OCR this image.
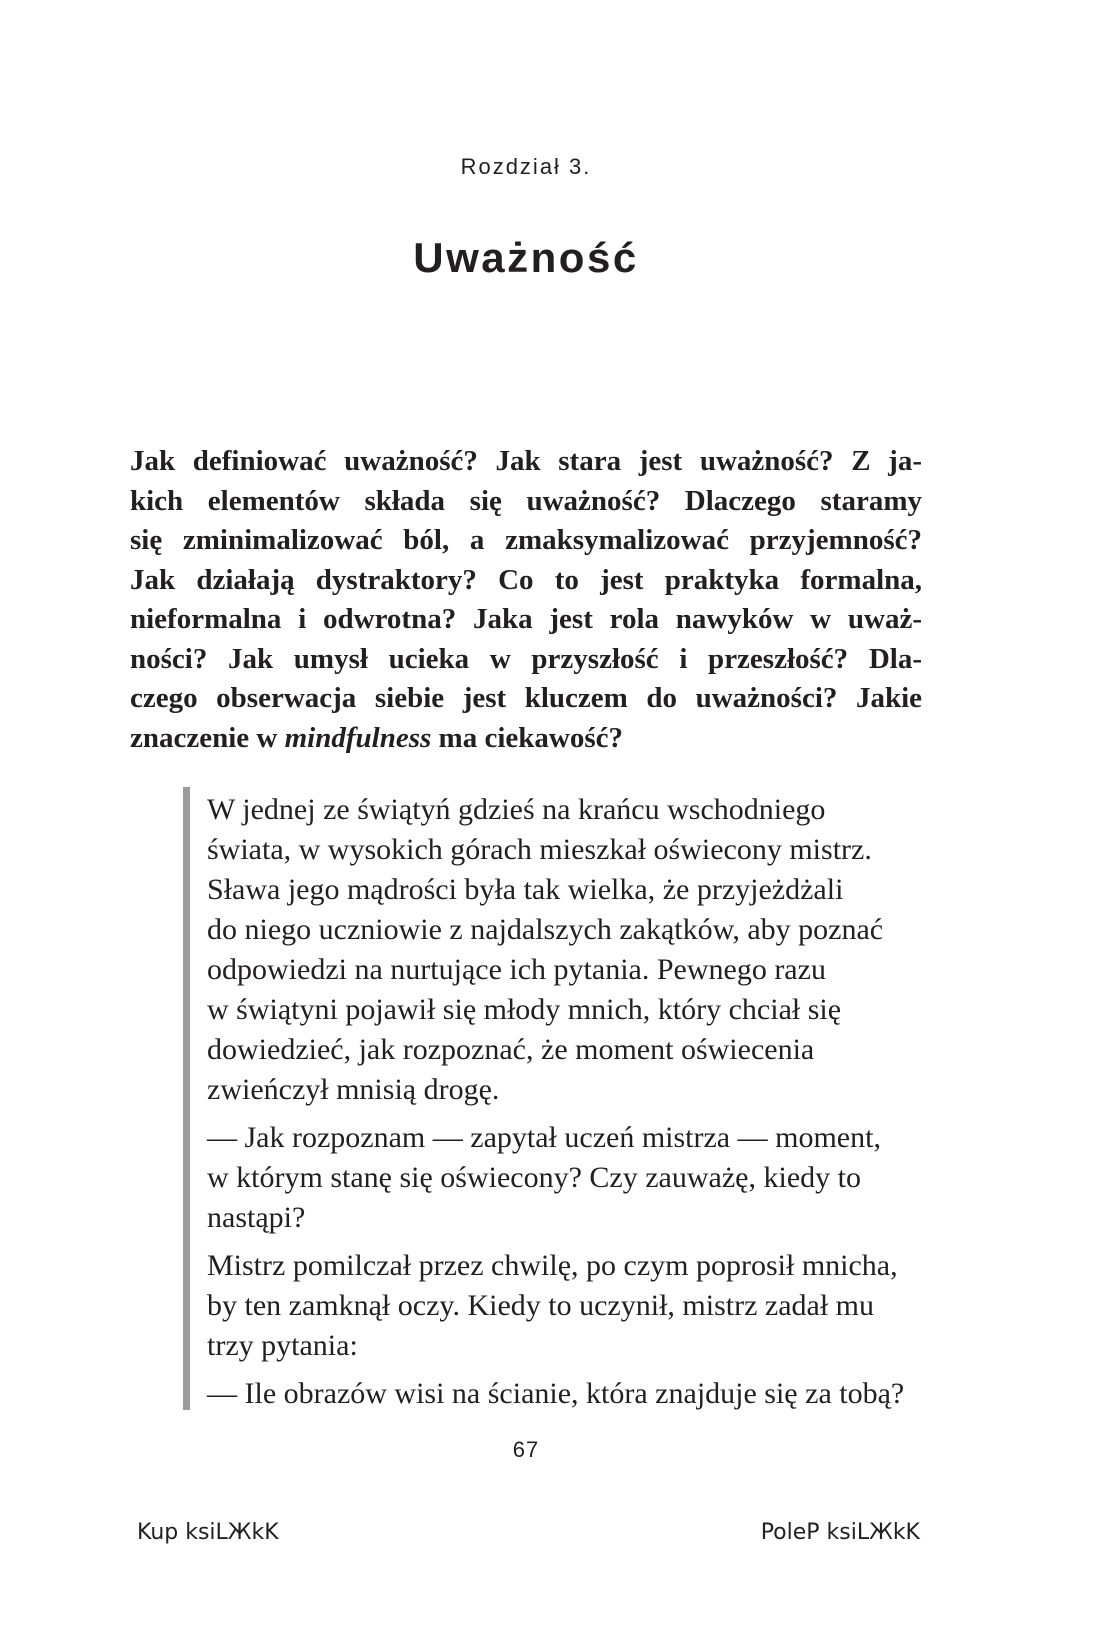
Rozdział 3.
Uważność
Jak definiować uważność? Jak stara jest uważność? Z ja-
kich elementów składa się uważność? Dlaczego staramy
się zminimalizować ból, a zmaksymalizować przyjemność?
Jak działają dystraktory? Co to jest praktyka formalna,
nieformalna i odwrotna? Jaka jest rola nawyków w uważ-
ności? Jak umysł ucieka w przyszłość i przeszłość? Dla-
czego obserwacja siebie jest kluczem do uważności? Jakie
znaczenie w mindfulness ma ciekawość?
W jednej ze świątyń gdzieś na krańcu wschodniego
świata, w wysokich górach mieszkał oświecony mistrz.
Sława jego mądrości była tak wielka, że przyjeżdżali
do niego uczniowie z najdalszych zakątków, aby poznać
odpowiedzi na nurtujące ich pytania. Pewnego razu
w świątyni pojawił się młody mnich, który chciał się
dowiedzieć, jak rozpoznać, że moment oświecenia
zwieńczył mnisią drogę.
— Jak rozpoznam — zapytał uczeń mistrza — moment,
w którym stanę się oświecony? Czy zauważę, kiedy to
nastąpi?
Mistrz pomilczał przez chwilę, po czym poprosił mnicha,
by ten zamknął oczy. Kiedy to uczynił, mistrz zadał mu
trzy pytania:
— Ile obrazów wisi na ścianie, która znajduje się za tobą?
67
Kup ksiLЖkK	PoleP ksiLЖkK
